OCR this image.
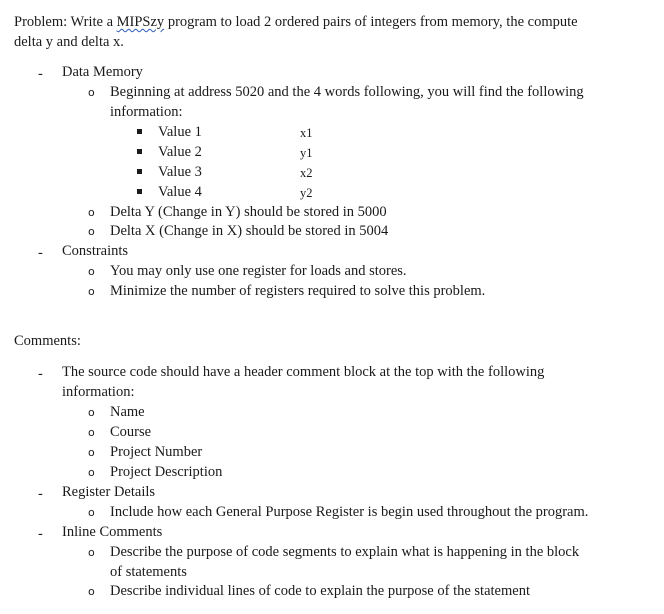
Problem: Write a MIPSzy program to load 2 ordered pairs of integers from memory, the compute
delta y and delta x.
- Data Memory
o Beginning at address 5020 and the 4 words following, you will find the following
information:
Value 1	x1
Value 2	y1
Value 3	x2
Value 4	y2
o Delta Y (Change in Y) should be stored in 5000
o Delta X (Change in X) should be stored in 5004
- Constraints
o You may only use one register for loads and stores.
o Minimize the number of registers required to solve this problem.
Comments:
- The source code should have a header comment block at the top with the following
information:
o Name
o Course
o Project Number
o Project Description
- Register Details
o Include how each General Purpose Register is begin used throughout the program.
- Inline Comments
o Describe the purpose of code segments to explain what is happening in the block
of statements
o Describe individual lines of code to explain the purpose of the statement
